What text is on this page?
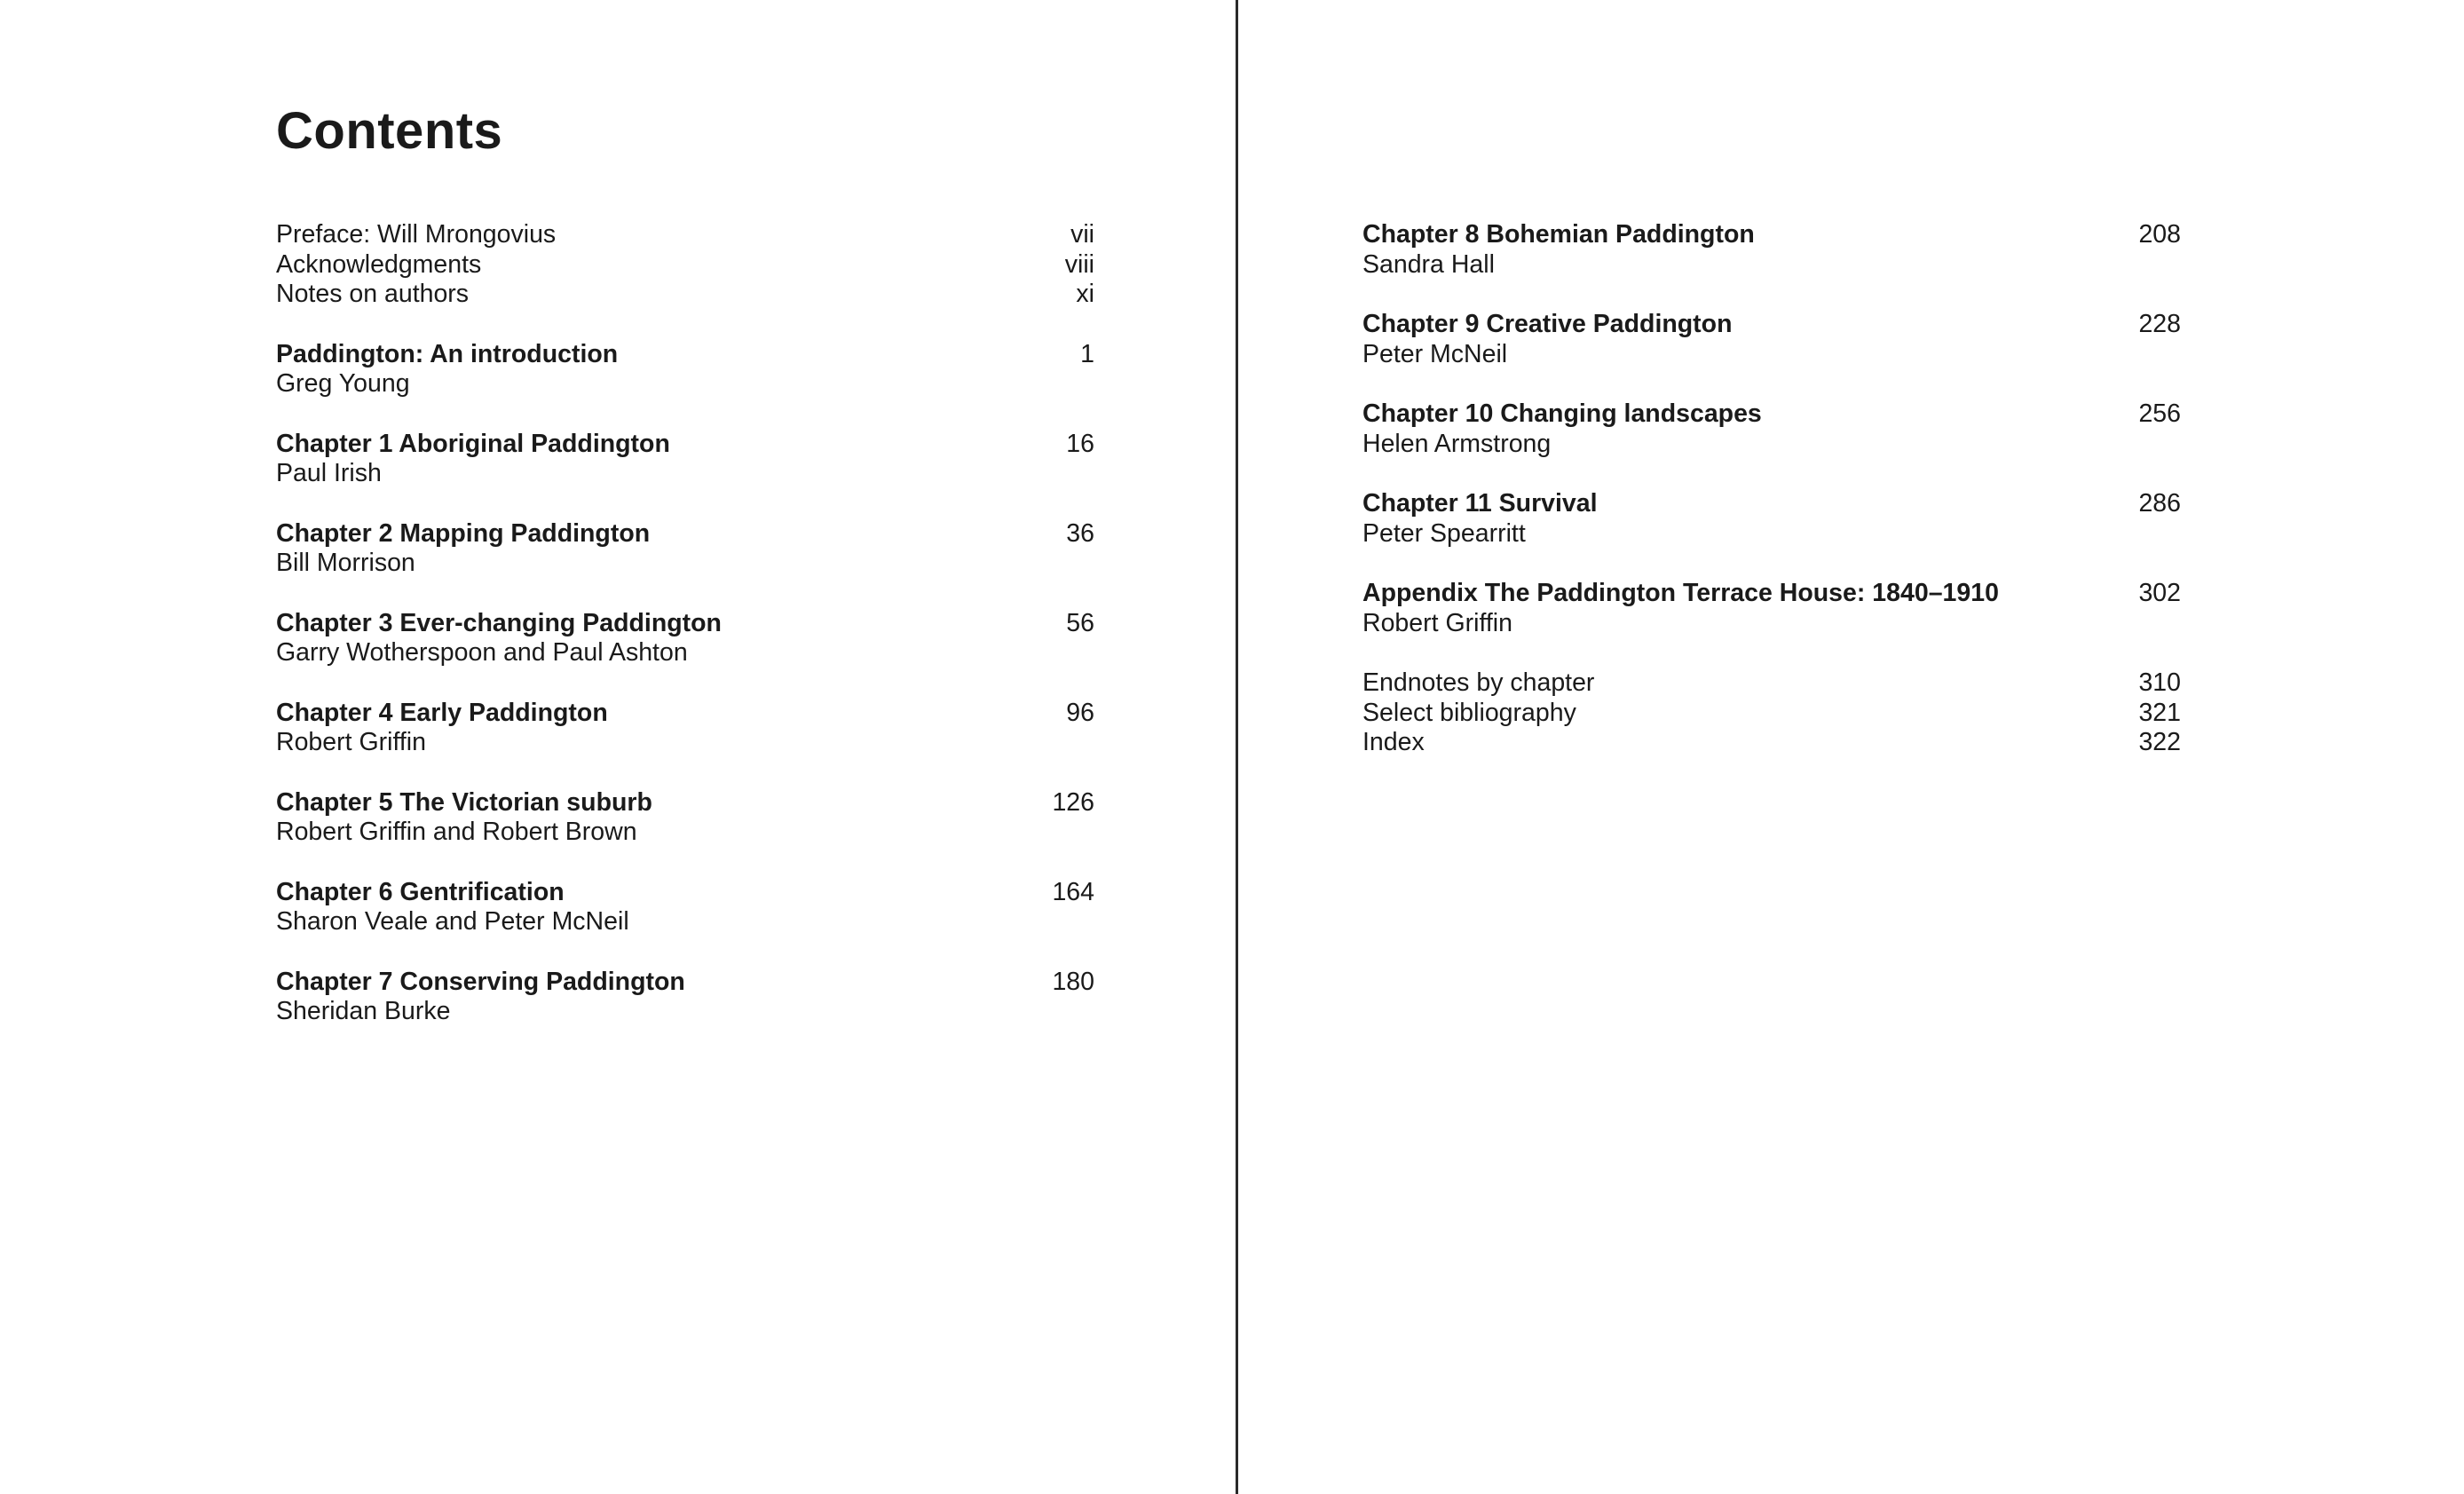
Contents
Preface: Will Mrongovius	vii
Acknowledgments	viii
Notes on authors	xi
Paddington: An introduction	1
Greg Young
Chapter 1 Aboriginal Paddington	16
Paul Irish
Chapter 2 Mapping Paddington	36
Bill Morrison
Chapter 3 Ever-changing Paddington	56
Garry Wotherspoon and Paul Ashton
Chapter 4 Early Paddington	96
Robert Griffin
Chapter 5 The Victorian suburb	126
Robert Griffin and Robert Brown
Chapter 6 Gentrification	164
Sharon Veale and Peter McNeil
Chapter 7 Conserving Paddington	180
Sheridan Burke
Chapter 8 Bohemian Paddington	208
Sandra Hall
Chapter 9 Creative Paddington	228
Peter McNeil
Chapter 10 Changing landscapes	256
Helen Armstrong
Chapter 11 Survival	286
Peter Spearritt
Appendix The Paddington Terrace House: 1840–1910	302
Robert Griffin
Endnotes by chapter	310
Select bibliography	321
Index	322
